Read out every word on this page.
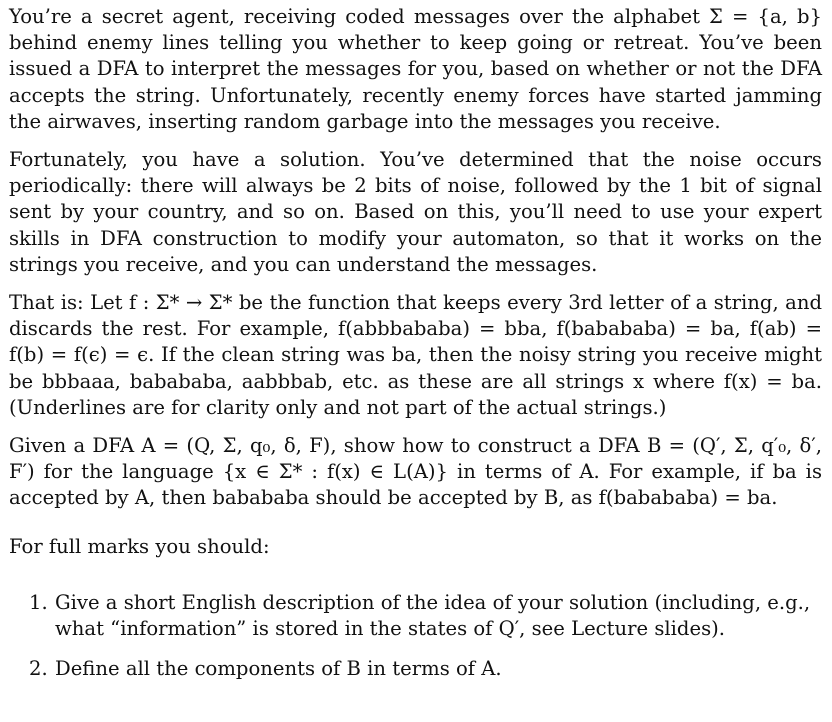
You’re a secret agent, receiving coded messages over the alphabet Σ = {a, b} behind enemy lines telling you whether to keep going or retreat. You’ve been issued a DFA to interpret the messages for you, based on whether or not the DFA accepts the string. Unfortunately, recently enemy forces have started jamming the airwaves, inserting random garbage into the messages you receive.

Fortunately, you have a solution. You’ve determined that the noise occurs periodically: there will always be 2 bits of noise, followed by the 1 bit of signal sent by your country, and so on. Based on this, you’ll need to use your expert skills in DFA construction to modify your automaton, so that it works on the strings you receive, and you can understand the messages.

That is: Let f : Σ* → Σ* be the function that keeps every 3rd letter of a string, and discards the rest. For example, f(abbbababa) = bba, f(babababa) = ba, f(ab) = f(b) = f(ϵ) = ϵ. If the clean string was ba, then the noisy string you receive might be bbbaaa, babababa, aabbbab, etc. as these are all strings x where f(x) = ba. (Underlines are for clarity only and not part of the actual strings.)

Given a DFA A = (Q, Σ, q₀, δ, F), show how to construct a DFA B = (Q′, Σ, q′₀, δ′, F′) for the language {x ∈ Σ* : f(x) ∈ L(A)} in terms of A. For example, if ba is accepted by A, then babababa should be accepted by B, as f(babababa) = ba.

For full marks you should:

1. Give a short English description of the idea of your solution (including, e.g., what “information” is stored in the states of Q′, see Lecture slides).
2. Define all the components of B in terms of A.
